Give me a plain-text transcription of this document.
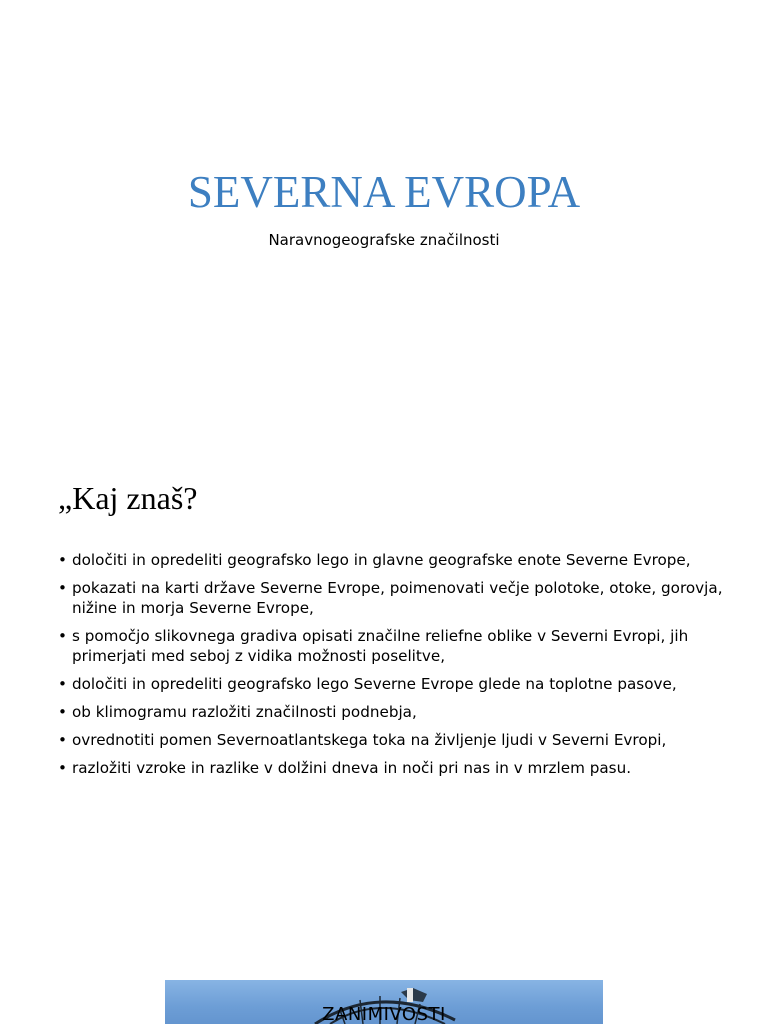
SEVERNA EVROPA
Naravnogeografske značilnosti
„Kaj znaš?
• določiti in opredeliti geografsko lego in glavne geografske enote Severne Evrope,
• pokazati na karti države Severne Evrope, poimenovati večje polotoke, otoke, gorovja, nižine in morja Severne Evrope,
• s pomočjo slikovnega gradiva opisati značilne reliefne oblike v Severni Evropi, jih primerjati med seboj z vidika možnosti poselitve,
• določiti in opredeliti geografsko lego Severne Evrope glede na toplotne pasove,
• ob klimogramu razložiti značilnosti podnebja,
• ovrednotiti pomen Severnoatlantskega toka na življenje ljudi v Severni Evropi,
• razložiti vzroke in razlike v dolžini dneva in noči pri nas in v mrzlem pasu.
ZANIMIVOSTI
